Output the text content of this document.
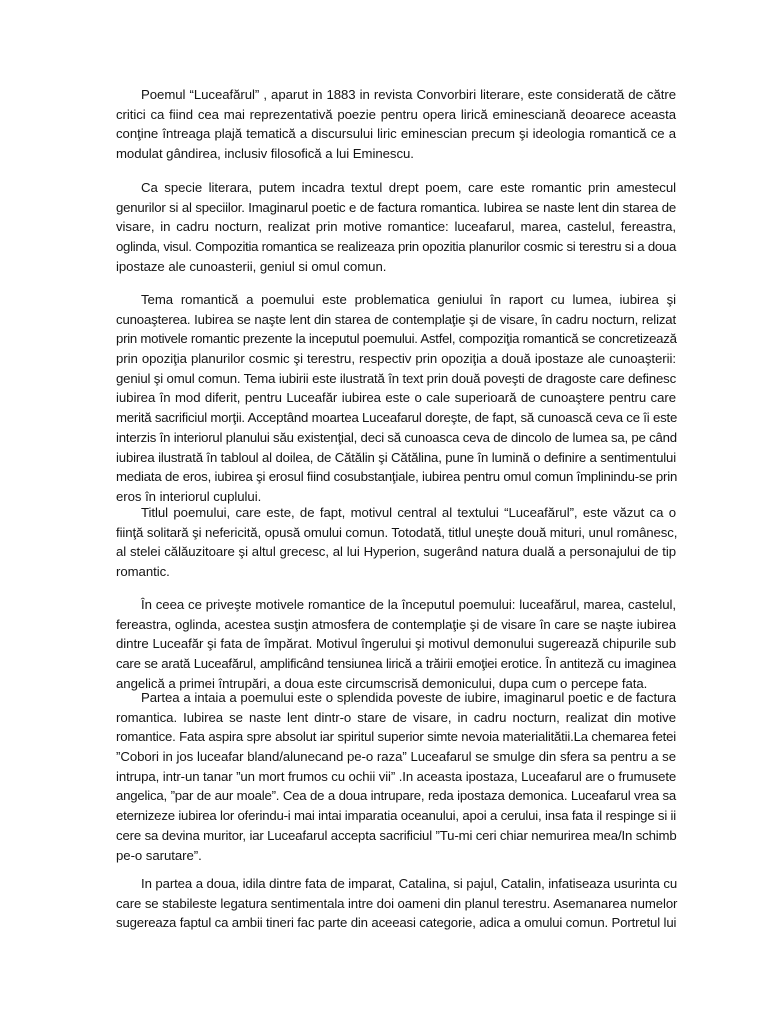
Poemul “Luceafărul” , aparut in 1883 in revista Convorbiri literare, este considerată de către
critici ca fiind cea mai reprezentativă poezie pentru opera lirică eminesciană deoarece aceasta
conţine întreaga plajă tematică a discursului liric eminescian precum şi ideologia romantică ce a
modulat gândirea, inclusiv filosofică a lui Eminescu.
Ca specie literara, putem incadra textul drept poem, care este romantic prin amestecul
genurilor si al speciilor. Imaginarul poetic e de factura romantica. Iubirea se naste lent din starea de
visare, in cadru nocturn, realizat prin motive romantice: luceafarul, marea, castelul, fereastra,
oglinda, visul. Compozitia romantica se realizeaza prin opozitia planurilor cosmic si terestru si a doua
ipostaze ale cunoasterii, geniul si omul comun.
Tema romantică a poemului este problematica geniului în raport cu lumea, iubirea şi
cunoaşterea. Iubirea se naşte lent din starea de contemplaţie şi de visare, în cadru nocturn, relizat
prin motivele romantic prezente la inceputul poemului. Astfel, compoziţia romantică se concretizează
prin opoziţia planurilor cosmic şi terestru, respectiv prin opoziţia a două ipostaze ale cunoaşterii:
geniul şi omul comun. Tema iubirii este ilustrată în text prin două poveşti de dragoste care definesc
iubirea în mod diferit, pentru Luceafăr iubirea este o cale superioară de cunoaştere pentru care
merită sacrificiul morţii. Acceptând moartea Luceafarul doreşte, de fapt, să cunoască ceva ce îi este
interzis în interiorul planului său existenţial, deci să cunoasca ceva de dincolo de lumea sa, pe când
iubirea ilustrată în tabloul al doilea, de Cătălin şi Cătălina, pune în lumină o definire a sentimentului
mediata de eros, iubirea şi erosul fiind cosubstanţiale, iubirea pentru omul comun împlinindu-se prin
eros în interiorul cuplului.
Titlul poemului, care este, de fapt, motivul central al textului “Luceafărul”, este văzut ca o
fiinţă solitară şi nefericită, opusă omului comun. Totodată, titlul uneşte două mituri, unul românesc,
al stelei călăuzitoare şi altul grecesc, al lui Hyperion, sugerând natura duală a personajului de tip
romantic.
În ceea ce priveşte motivele romantice de la începutul poemului: luceafărul, marea, castelul,
fereastra, oglinda, acestea susţin atmosfera de contemplaţie şi de visare în care se naşte iubirea
dintre Luceafăr şi fata de împărat. Motivul îngerului şi motivul demonului sugerează chipurile sub
care se arată Luceafărul, amplificând tensiunea lirică a trăirii emoţiei erotice. În antiteză cu imaginea
angelică a primei întrupări, a doua este circumscrisă demonicului, dupa cum o percepe fata.
Partea a intaia a poemului este o splendida poveste de iubire, imaginarul poetic e de factura
romantica. Iubirea se naste lent dintr-o stare de visare, in cadru nocturn, realizat din motive
romantice. Fata aspira spre absolut iar spiritul superior simte nevoia materialitătii.La chemarea fetei
”Cobori in jos luceafar bland/alunecand pe-o raza” Luceafarul se smulge din sfera sa pentru a se
intrupa, intr-un tanar ”un mort frumos cu ochii vii” .In aceasta ipostaza, Luceafarul are o frumusete
angelica, ”par de aur moale”. Cea de a doua intrupare, reda ipostaza demonica. Luceafarul vrea sa
eternizeze iubirea lor oferindu-i mai intai imparatia oceanului, apoi a cerului, insa fata il respinge si ii
cere sa devina muritor, iar Luceafarul accepta sacrificiul ”Tu-mi ceri chiar nemurirea mea/In schimb
pe-o sarutare”.
In partea a doua, idila dintre fata de imparat, Catalina, si pajul, Catalin, infatiseaza usurinta cu
care se stabileste legatura sentimentala intre doi oameni din planul terestru. Asemanarea numelor
sugereaza faptul ca ambii tineri fac parte din aceeasi categorie, adica a omului comun. Portretul lui
